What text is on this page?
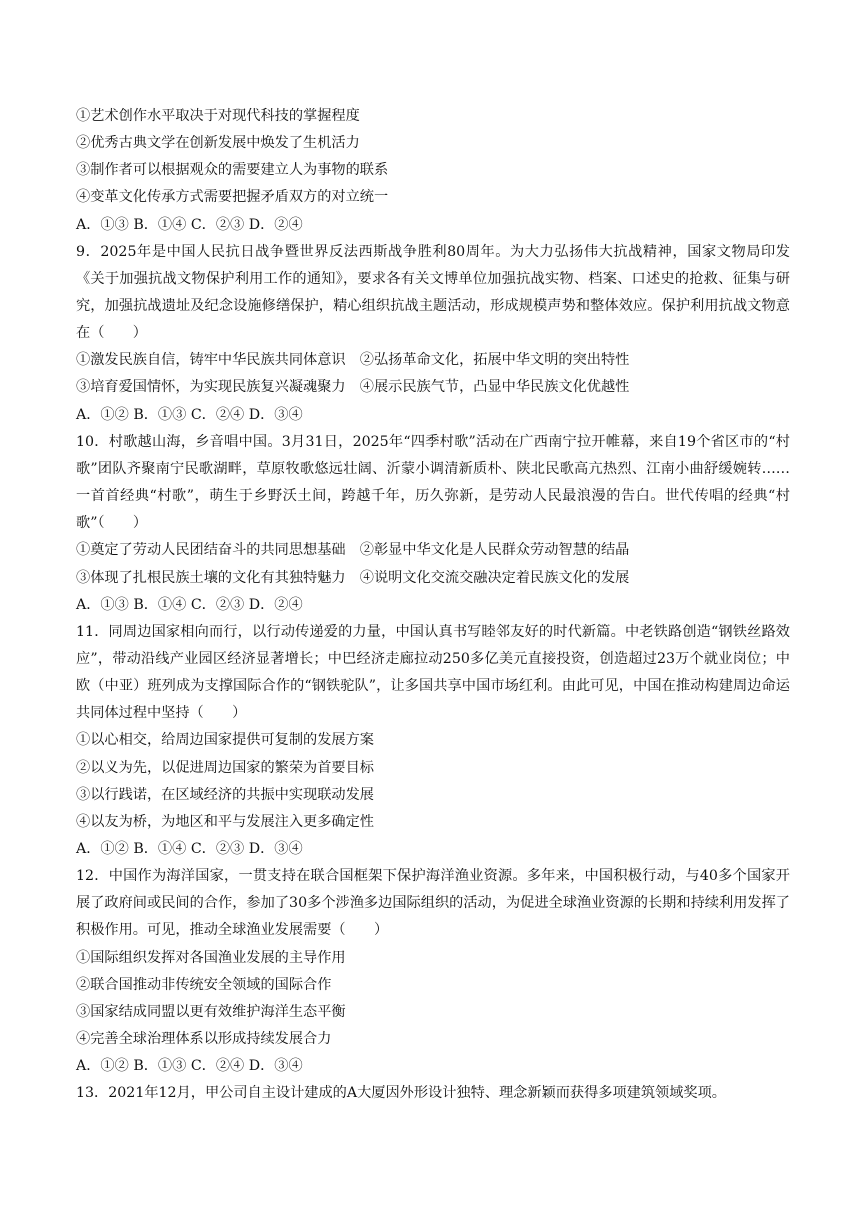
①艺术创作水平取决于对现代科技的掌握程度
②优秀古典文学在创新发展中焕发了生机活力
③制作者可以根据观众的需要建立人为事物的联系
④变革文化传承方式需要把握矛盾双方的对立统一
A．①③ B．①④ C．②③ D．②④
9．2025年是中国人民抗日战争暨世界反法西斯战争胜利80周年。为大力弘扬伟大抗战精神，国家文物局印发《关于加强抗战文物保护利用工作的通知》，要求各有关文博单位加强抗战实物、档案、口述史的抢救、征集与研究，加强抗战遗址及纪念设施修缮保护，精心组织抗战主题活动，形成规模声势和整体效应。保护利用抗战文物意在（　　）
①激发民族自信，铸牢中华民族共同体意识　②弘扬革命文化，拓展中华文明的突出特性
③培育爱国情怀，为实现民族复兴凝魂聚力　④展示民族气节，凸显中华民族文化优越性
A．①② B．①③ C．②④ D．③④
10．村歌越山海，乡音唱中国。3月31日，2025年“四季村歌”活动在广西南宁拉开帷幕，来自19个省区市的“村歌”团队齐聚南宁民歌湖畔，草原牧歌悠远壮阔、沂蒙小调清新质朴、陕北民歌高亢热烈、江南小曲舒缓婉转……一首首经典“村歌”，萌生于乡野沃土间，跨越千年，历久弥新，是劳动人民最浪漫的告白。世代传唱的经典“村歌”（　　）
①奠定了劳动人民团结奋斗的共同思想基础　②彰显中华文化是人民群众劳动智慧的结晶
③体现了扎根民族土壤的文化有其独特魅力　④说明文化交流交融决定着民族文化的发展
A．①③ B．①④ C．②③ D．②④
11．同周边国家相向而行，以行动传递爱的力量，中国认真书写睦邻友好的时代新篇。中老铁路创造“钢铁丝路效应”，带动沿线产业园区经济显著增长；中巴经济走廊拉动250多亿美元直接投资，创造超过23万个就业岗位；中欧（中亚）班列成为支撑国际合作的“钢铁驼队”，让多国共享中国市场红利。由此可见，中国在推动构建周边命运共同体过程中坚持（　　）
①以心相交，给周边国家提供可复制的发展方案
②以义为先，以促进周边国家的繁荣为首要目标
③以行践诺，在区域经济的共振中实现联动发展
④以友为桥，为地区和平与发展注入更多确定性
A．①② B．①④ C．②③ D．③④
12．中国作为海洋国家，一贯支持在联合国框架下保护海洋渔业资源。多年来，中国积极行动，与40多个国家开展了政府间或民间的合作，参加了30多个涉渔多边国际组织的活动，为促进全球渔业资源的长期和持续利用发挥了积极作用。可见，推动全球渔业发展需要（　　）
①国际组织发挥对各国渔业发展的主导作用
②联合国推动非传统安全领域的国际合作
③国家结成同盟以更有效维护海洋生态平衡
④完善全球治理体系以形成持续发展合力
A．①② B．①③ C．②④ D．③④
13．2021年12月，甲公司自主设计建成的A大厦因外形设计独特、理念新颖而获得多项建筑领域奖项。
